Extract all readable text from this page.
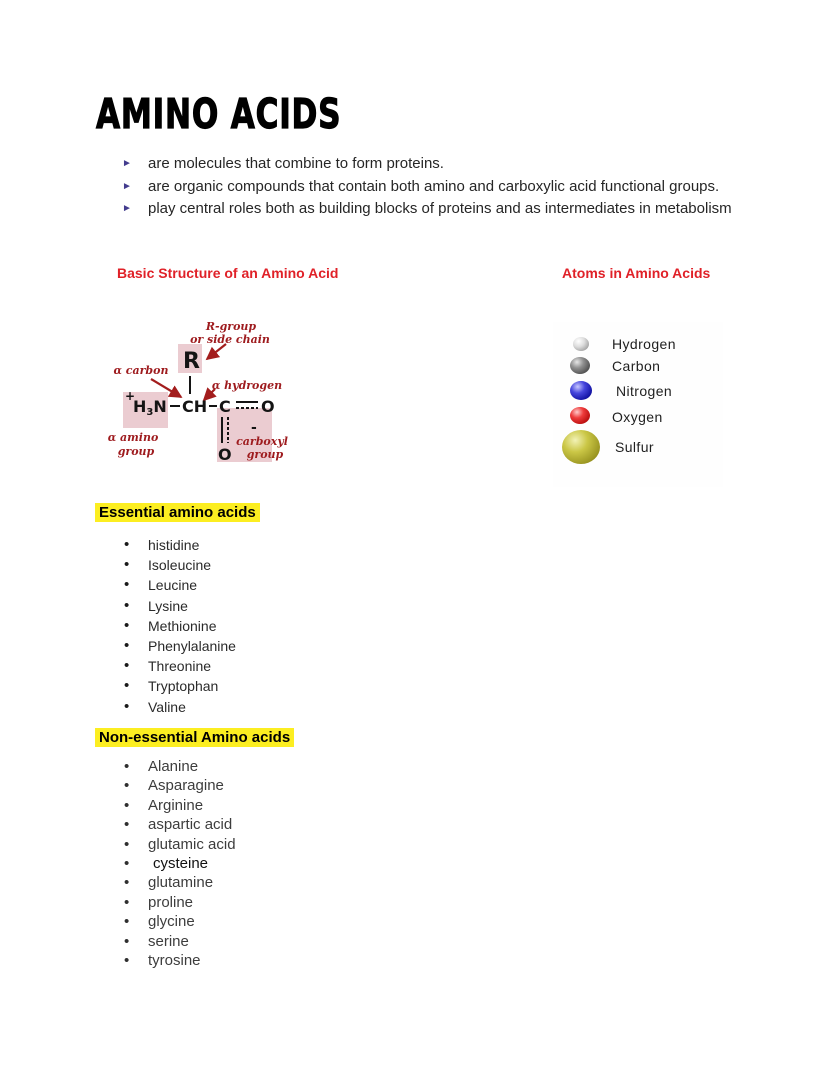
AMINO ACIDS
► are molecules that combine to form proteins.
► are organic compounds that contain both amino and carboxylic acid functional groups.
► play central roles both as building blocks of proteins and as intermediates in metabolism
Basic Structure of an Amino Acid	Atoms in Amino Acids
R
+
H3N CH C O
O
-
R-group
or side chain
α carbon
α hydrogen
α amino
group
carboxyl
group
Hydrogen
Carbon
Nitrogen
Oxygen
Sulfur
Essential amino acids
• histidine
• Isoleucine
• Leucine
• Lysine
• Methionine
• Phenylalanine
• Threonine
• Tryptophan
• Valine
Non-essential Amino acids
• Alanine
• Asparagine
• Arginine
• aspartic acid
• glutamic acid
• cysteine
• glutamine
• proline
• glycine
• serine
• tyrosine
